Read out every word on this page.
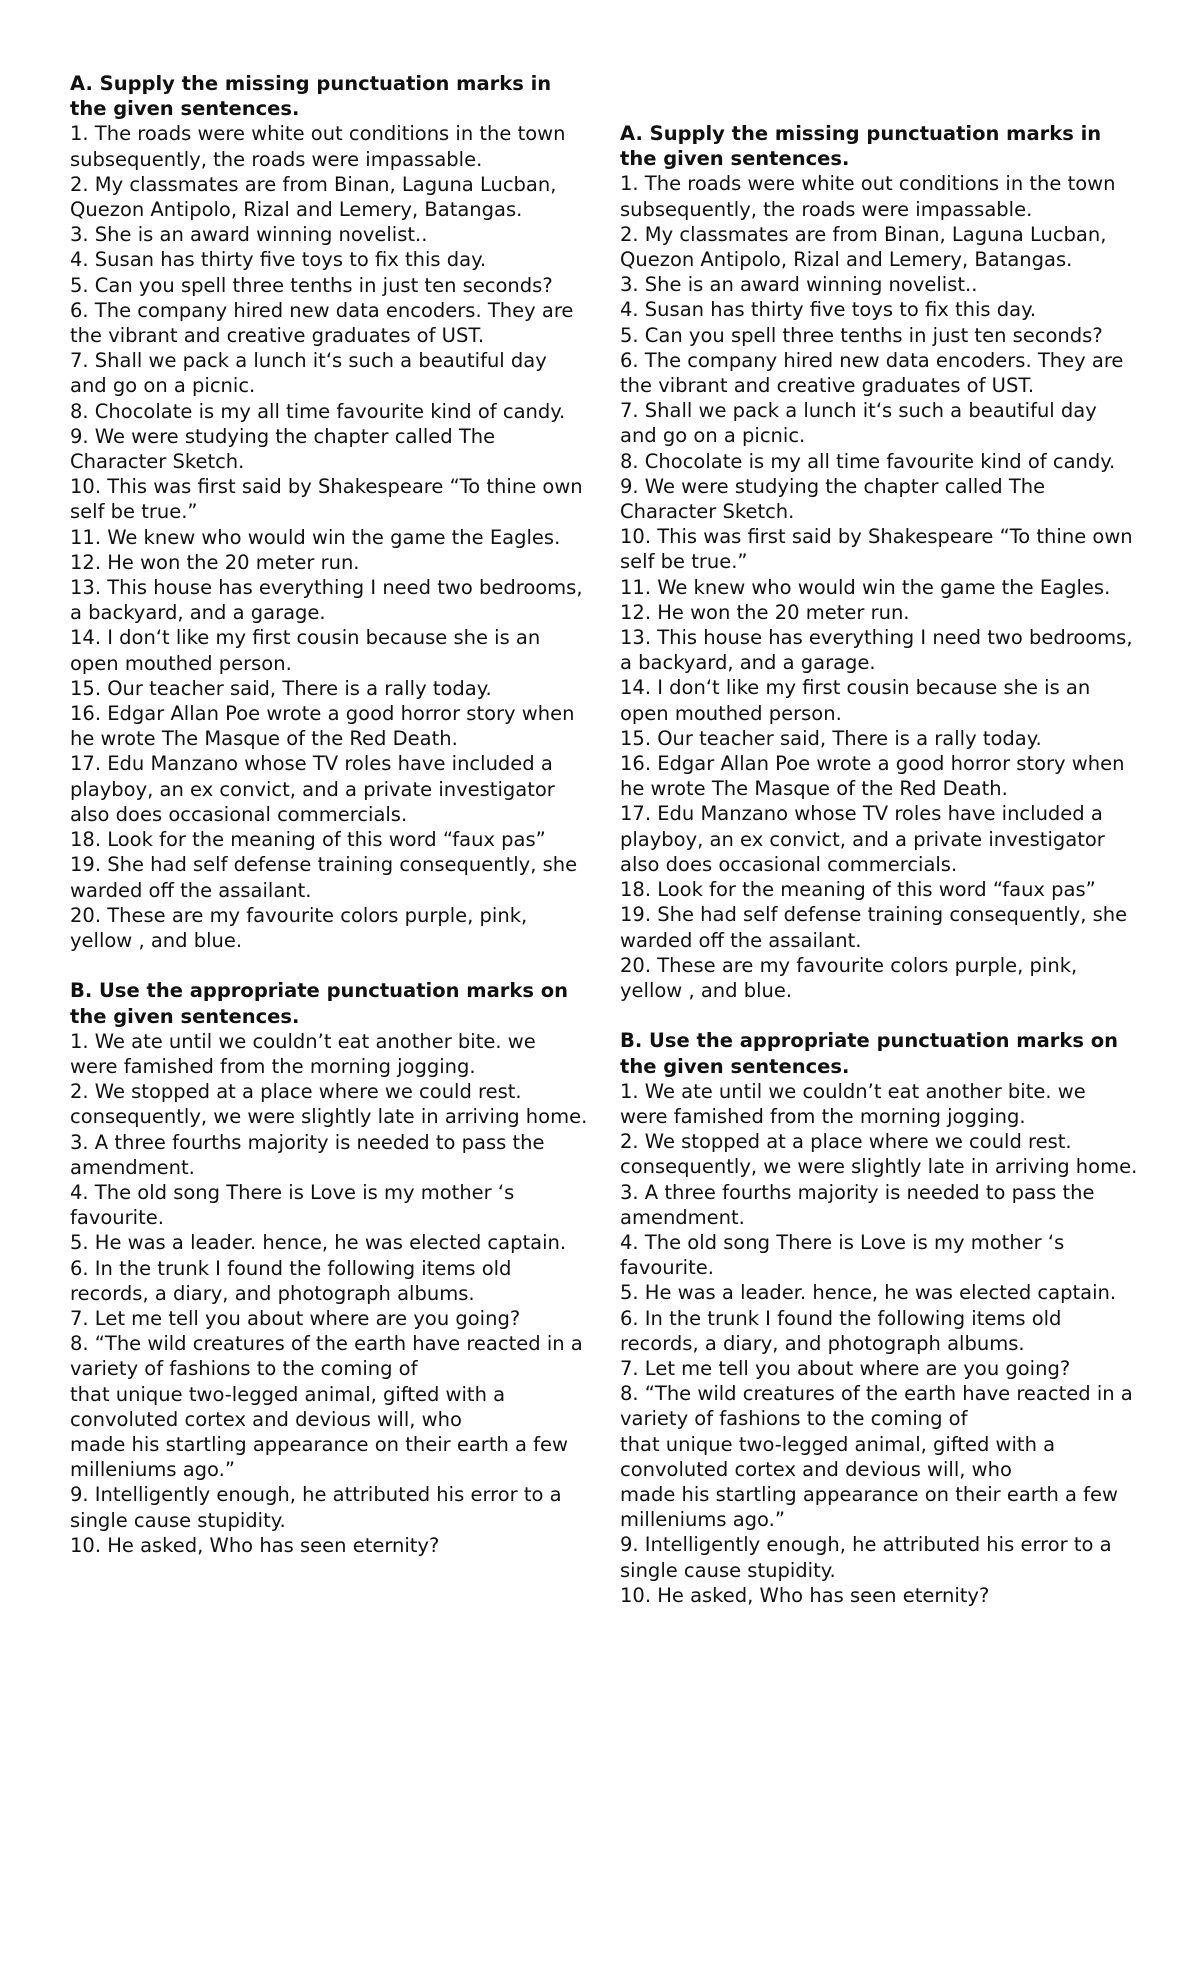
A. Supply the missing punctuation marks in the given sentences.

1. The roads were white out conditions in the town subsequently, the roads were impassable.

2. My classmates are from Binan, Laguna Lucban, Quezon Antipolo, Rizal and Lemery, Batangas.

3. She is an award winning novelist..

4. Susan has thirty five toys to fix this day.

5. Can you spell three tenths in just ten seconds?

6. The company hired new data encoders. They are the vibrant and creative graduates of UST.

7. Shall we pack a lunch it‘s such a beautiful day and go on a picnic.

8. Chocolate is my all time favourite kind of candy.

9. We were studying the chapter called The Character Sketch.

10. This was first said by Shakespeare “To thine own self be true.”

11. We knew who would win the game the Eagles.

12. He won the 20 meter run.

13. This house has everything I need two bedrooms, a backyard, and a garage.

14. I don‘t like my first cousin because she is an open mouthed person.

15. Our teacher said, There is a rally today.

16. Edgar Allan Poe wrote a good horror story when he wrote The Masque of the Red Death.

17. Edu Manzano whose TV roles have included a playboy, an ex convict, and a private investigator also does occasional commercials.

18. Look for the meaning of this word “faux pas”

19. She had self defense training consequently, she warded off the assailant.

20. These are my favourite colors purple, pink, yellow , and blue.

B. Use the appropriate punctuation marks on the given sentences.

1. We ate until we couldn’t eat another bite. we were famished from the morning jogging.

2. We stopped at a place where we could rest. consequently, we were slightly late in arriving home.

3. A three fourths majority is needed to pass the amendment.

4. The old song There is Love is my mother ‘s favourite.

5. He was a leader. hence, he was elected captain.

6. In the trunk I found the following items old records, a diary, and photograph albums.

7. Let me tell you about where are you going?

8. “The wild creatures of the earth have reacted in a variety of fashions to the coming of

that unique two-legged animal, gifted with a convoluted cortex and devious will, who

made his startling appearance on their earth a few milleniums ago.”

9. Intelligently enough, he attributed his error to a single cause stupidity.

10. He asked, Who has seen eternity?

A. Supply the missing punctuation marks in the given sentences.

1. The roads were white out conditions in the town subsequently, the roads were impassable.

2. My classmates are from Binan, Laguna Lucban, Quezon Antipolo, Rizal and Lemery, Batangas.

3. She is an award winning novelist..

4. Susan has thirty five toys to fix this day.

5. Can you spell three tenths in just ten seconds?

6. The company hired new data encoders. They are the vibrant and creative graduates of UST.

7. Shall we pack a lunch it‘s such a beautiful day and go on a picnic.

8. Chocolate is my all time favourite kind of candy.

9. We were studying the chapter called The Character Sketch.

10. This was first said by Shakespeare “To thine own self be true.”

11. We knew who would win the game the Eagles.

12. He won the 20 meter run.

13. This house has everything I need two bedrooms, a backyard, and a garage.

14. I don‘t like my first cousin because she is an open mouthed person.

15. Our teacher said, There is a rally today.

16. Edgar Allan Poe wrote a good horror story when he wrote The Masque of the Red Death.

17. Edu Manzano whose TV roles have included a playboy, an ex convict, and a private investigator also does occasional commercials.

18. Look for the meaning of this word “faux pas”

19. She had self defense training consequently, she warded off the assailant.

20. These are my favourite colors purple, pink, yellow , and blue.

B. Use the appropriate punctuation marks on the given sentences.

1. We ate until we couldn’t eat another bite. we were famished from the morning jogging.

2. We stopped at a place where we could rest. consequently, we were slightly late in arriving home.

3. A three fourths majority is needed to pass the amendment.

4. The old song There is Love is my mother ‘s favourite.

5. He was a leader. hence, he was elected captain.

6. In the trunk I found the following items old records, a diary, and photograph albums.

7. Let me tell you about where are you going?

8. “The wild creatures of the earth have reacted in a variety of fashions to the coming of

that unique two-legged animal, gifted with a convoluted cortex and devious will, who

made his startling appearance on their earth a few milleniums ago.”

9. Intelligently enough, he attributed his error to a single cause stupidity.

10. He asked, Who has seen eternity?
